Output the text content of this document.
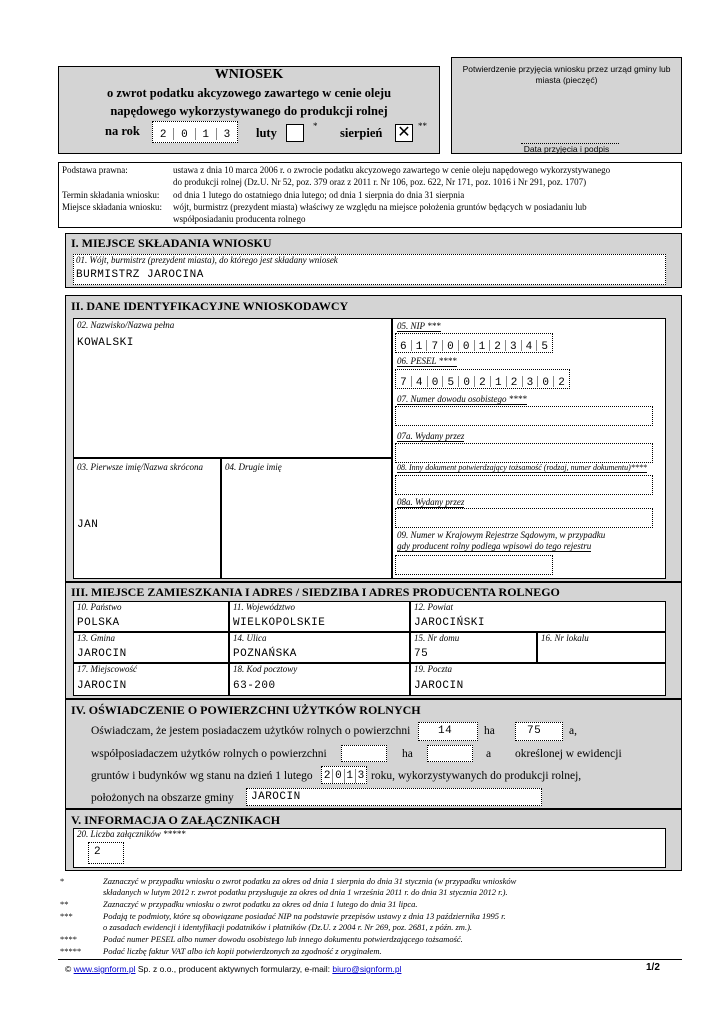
WNIOSEK
o zwrot podatku akcyzowego zawartego w cenie oleju
napędowego wykorzystywanego do produkcji rolnej
na rok	2	0	1	3	luty	* sierpień ✕ **
Potwierdzenie przyjęcia wniosku przez urząd gminy lub miasta (pieczęć)
Data przyjęcia i podpis
Podstawa prawna:	ustawa z dnia 10 marca 2006 r. o zwrocie podatku akcyzowego zawartego w cenie oleju napędowego wykorzystywanego
do produkcji rolnej (Dz.U. Nr 52, poz. 379 oraz z 2011 r. Nr 106, poz. 622, Nr 171, poz. 1016 i Nr 291, poz. 1707)
Termin składania wniosku: od dnia 1 lutego do ostatniego dnia lutego; od dnia 1 sierpnia do dnia 31 sierpnia
Miejsce składania wniosku: wójt, burmistrz (prezydent miasta) właściwy ze względu na miejsce położenia gruntów będących w posiadaniu lub
współposiadaniu producenta rolnego
I. MIEJSCE SKŁADANIA WNIOSKU
01. Wójt, burmistrz (prezydent miasta), do którego jest składany wniosek
BURMISTRZ JAROCINA
II. DANE IDENTYFIKACYJNE WNIOSKODAWCY
02. Nazwisko/Nazwa pełna
KOWALSKI
03. Pierwsze imię/Nazwa skrócona
JAN
04. Drugie imię
05. NIP ***
6 1 7 0 0 1 2 3 4 5
06. PESEL ****
7 4 0 5 0 2 1 2 3 0 2
07. Numer dowodu osobistego ****
07a. Wydany przez
08. Inny dokument potwierdzający tożsamość (rodzaj, numer dokumentu)****
08a. Wydany przez
09. Numer w Krajowym Rejestrze Sądowym, w przypadku
gdy producent rolny podlega wpisowi do tego rejestru
III. MIEJSCE ZAMIESZKANIA I ADRES / SIEDZIBA I ADRES PRODUCENTA ROLNEGO
10. Państwo
POLSKA
11. Województwo
WIELKOPOLSKIE
12. Powiat
JAROCIŃSKI
13. Gmina
JAROCIN
14. Ulica
POZNAŃSKA
15. Nr domu
75
16. Nr lokalu
17. Miejscowość
JAROCIN
18. Kod pocztowy
63-200
19. Poczta
JAROCIN
IV. OŚWIADCZENIE O POWIERZCHNI UŻYTKÓW ROLNYCH
Oświadczam, że jestem posiadaczem użytków rolnych o powierzchni	14	ha	75 a,
współposiadaczem użytków rolnych o powierzchni	ha	a określonej w ewidencji
gruntów i budynków wg stanu na dzień 1 lutego 2 0 1 3 roku, wykorzystywanych do produkcji rolnej,
położonych na obszarze gminy JAROCIN
V. INFORMACJA O ZAŁĄCZNIKACH
20. Liczba załączników *****
2
*	Zaznaczyć w przypadku wniosku o zwrot podatku za okres od dnia 1 sierpnia do dnia 31 stycznia (w przypadku wniosków
składanych w lutym 2012 r. zwrot podatku przysługuje za okres od dnia 1 września 2011 r. do dnia 31 stycznia 2012 r.).
**	Zaznaczyć w przypadku wniosku o zwrot podatku za okres od dnia 1 lutego do dnia 31 lipca.
***	Podają te podmioty, które są obowiązane posiadać NIP na podstawie przepisów ustawy z dnia 13 października 1995 r.
o zasadach ewidencji i identyfikacji podatników i płatników (Dz.U. z 2004 r. Nr 269, poz. 2681, z późn. zm.).
****	Podać numer PESEL albo numer dowodu osobistego lub innego dokumentu potwierdzającego tożsamość.
*****	Podać liczbę faktur VAT albo ich kopii potwierdzonych za zgodność z oryginałem.
© www.signform.pl Sp. z o.o., producent aktywnych formularzy, e-mail: biuro@signform.pl	1/2
